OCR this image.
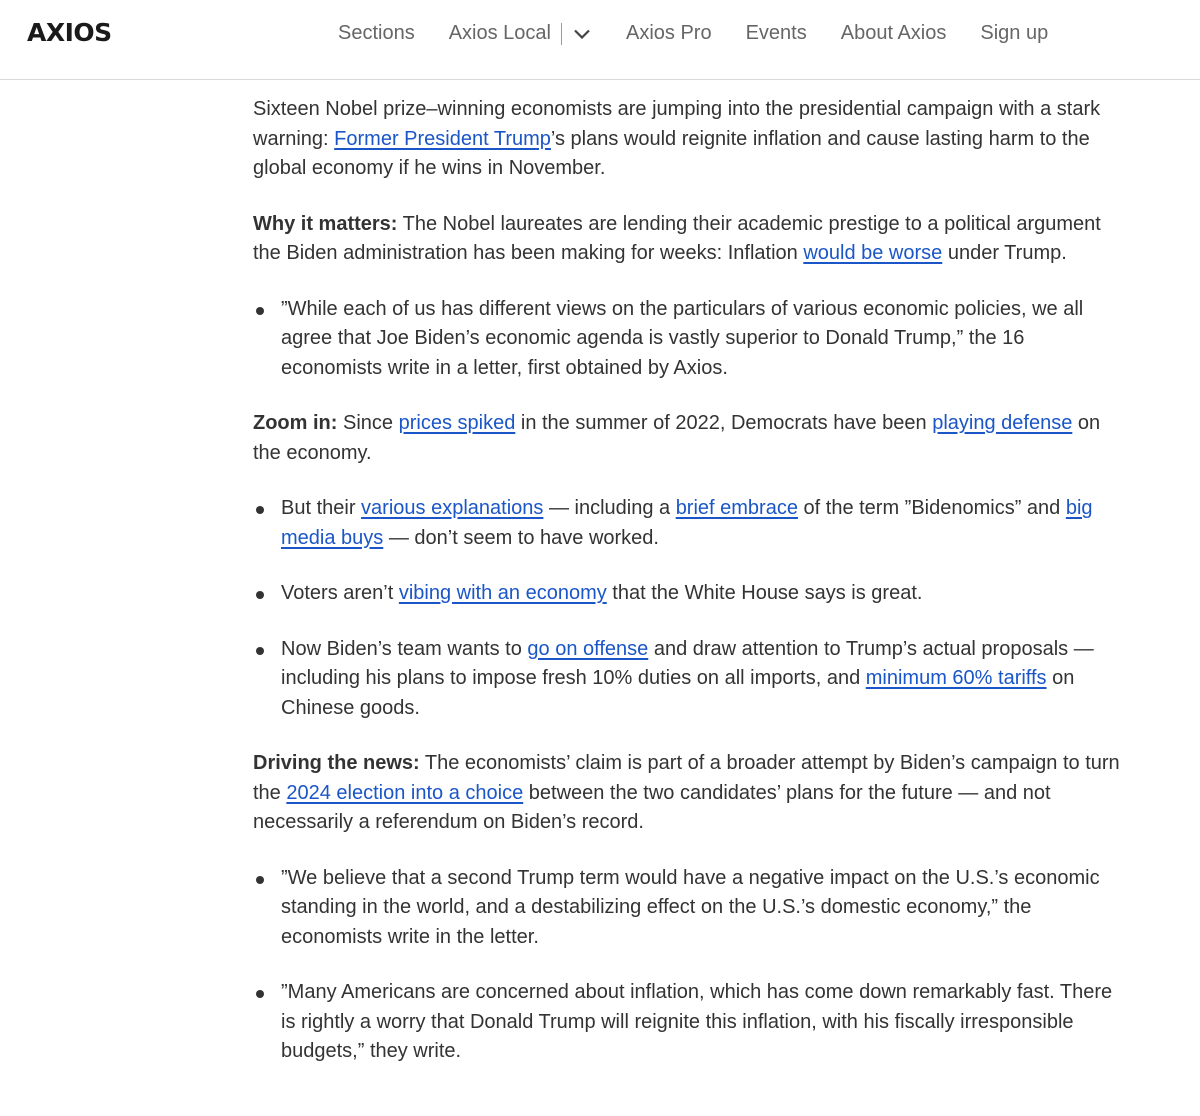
AXIOS	Sections Axios Local	Axios Pro Events About Axios Sign up

Sixteen Nobel prize–winning economists are jumping into the presidential campaign with a stark warning: Former President Trump’s plans would reignite inflation and cause lasting harm to the global economy if he wins in November.

Why it matters: The Nobel laureates are lending their academic prestige to a political argument the Biden administration has been making for weeks: Inflation would be worse under Trump.

”While each of us has different views on the particulars of various economic policies, we all agree that Joe Biden’s economic agenda is vastly superior to Donald Trump,” the 16 economists write in a letter, first obtained by Axios.

Zoom in: Since prices spiked in the summer of 2022, Democrats have been playing defense on the economy.

But their various explanations — including a brief embrace of the term ”Bidenomics” and big media buys — don’t seem to have worked.
Voters aren’t vibing with an economy that the White House says is great.
Now Biden’s team wants to go on offense and draw attention to Trump’s actual proposals — including his plans to impose fresh 10% duties on all imports, and minimum 60% tariffs on Chinese goods.

Driving the news: The economists’ claim is part of a broader attempt by Biden’s campaign to turn the 2024 election into a choice between the two candidates’ plans for the future — and not necessarily a referendum on Biden’s record.

”We believe that a second Trump term would have a negative impact on the U.S.’s economic standing in the world, and a destabilizing effect on the U.S.’s domestic economy,” the economists write in the letter.
”Many Americans are concerned about inflation, which has come down remarkably fast. There is rightly a worry that Donald Trump will reignite this inflation, with his fiscally irresponsible budgets,” they write.
